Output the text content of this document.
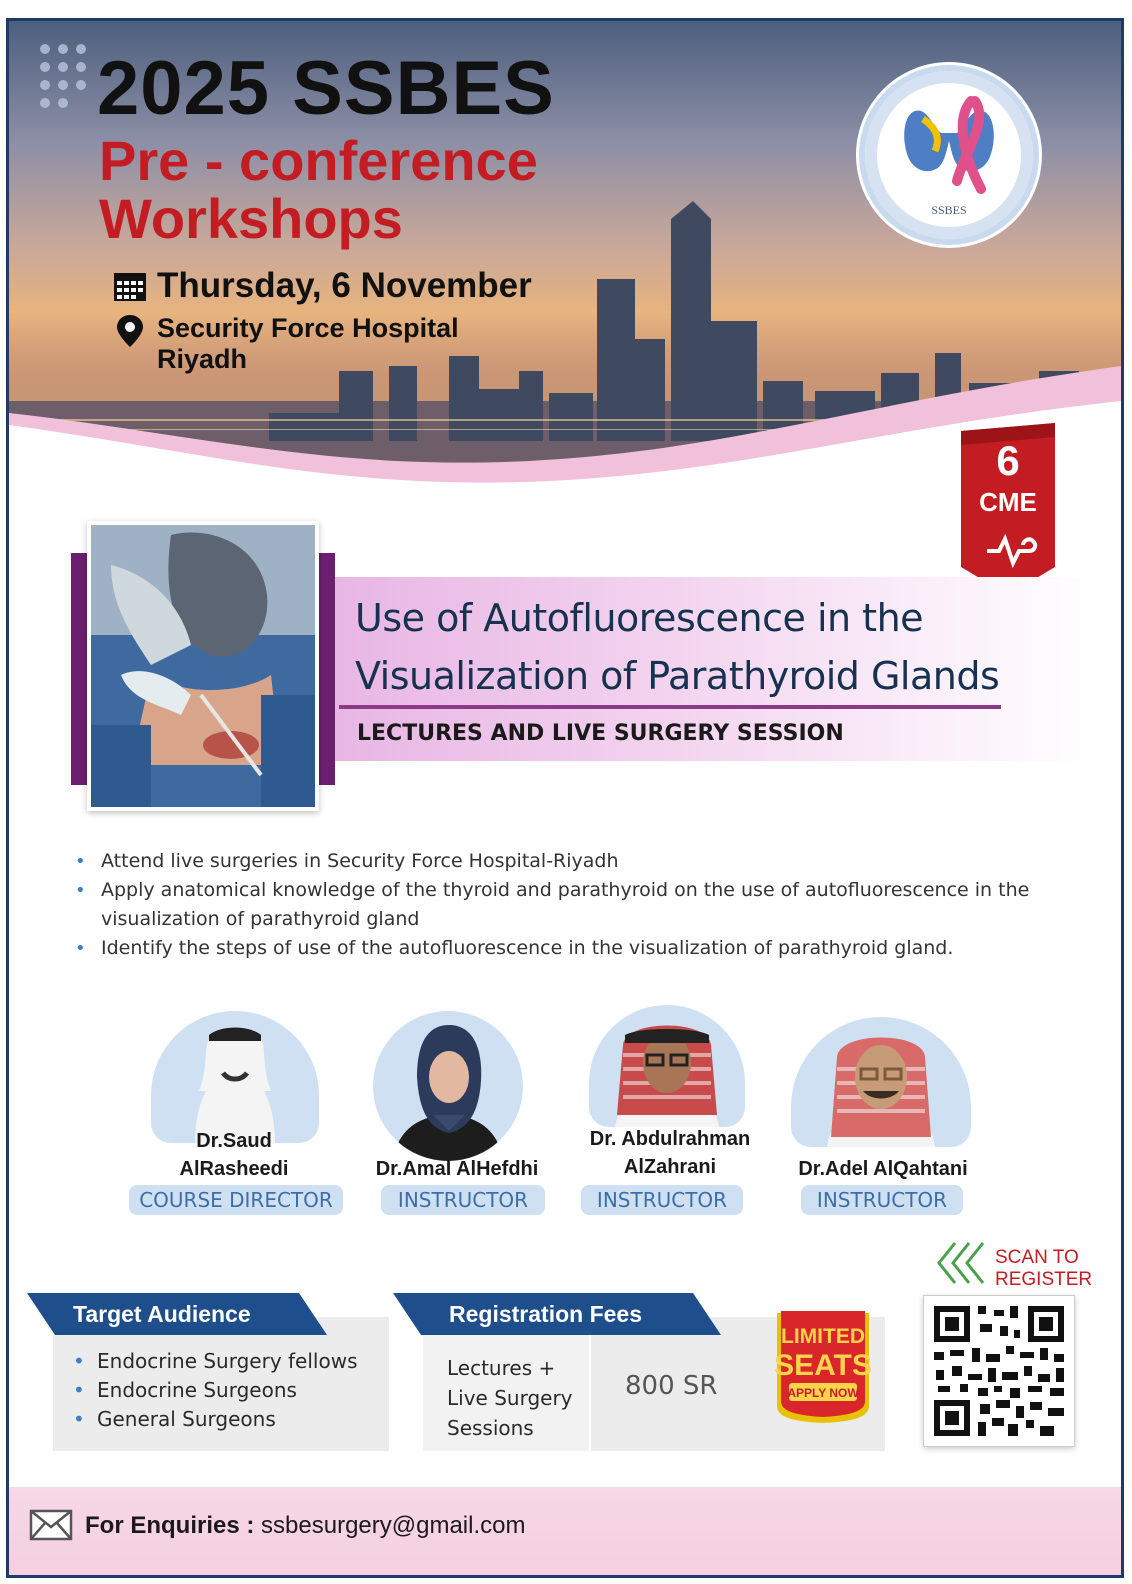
2025 SSBES
Pre - conference
Workshops
Thursday, 6 November
Security Force Hospital
Riyadh
SSBES
6
CME
Use of Autofluorescence in the
Visualization of Parathyroid Glands
LECTURES AND LIVE SURGERY SESSION
• Attend live surgeries in Security Force Hospital-Riyadh
• Apply anatomical knowledge of the thyroid and parathyroid on the use of autofluorescence in the visualization of parathyroid gland
• Identify the steps of use of the autofluorescence in the visualization of parathyroid gland.
Dr.Saud
AlRasheedi
COURSE DIRECTOR
Dr.Amal AlHefdhi
INSTRUCTOR
Dr. Abdulrahman
AlZahrani
INSTRUCTOR
Dr.Adel AlQahtani
INSTRUCTOR
Target Audience
• Endocrine Surgery fellows
• Endocrine Surgeons
• General Surgeons
Registration Fees
Lectures +
Live Surgery
Sessions
800 SR
LIMITED
SEATS
APPLY NOW
SCAN TO
REGISTER
For Enquiries : ssbesurgery@gmail.com
